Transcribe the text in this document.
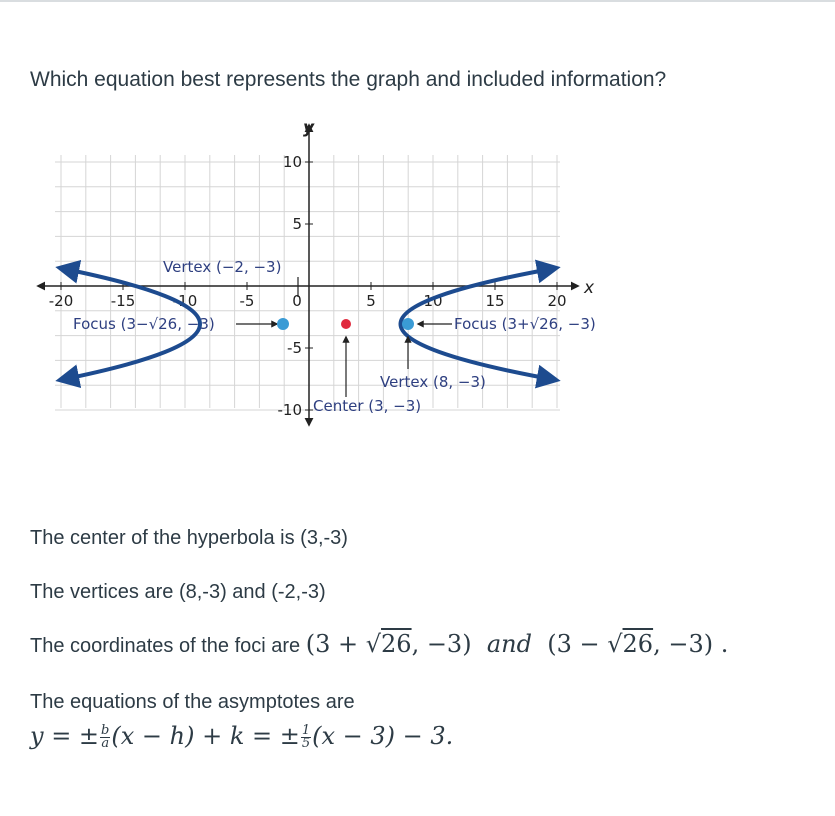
Which equation best represents the graph and included information?
-20	-15	-10	-5	0	5	10	15	20
10
5
-5
-10
x
y
Vertex (−2, −3)
Focus (3−√26, −3)	Focus (3+√26, −3)
Vertex (8, −3)
Center (3, −3)
The center of the hyperbola is (3,-3)
The vertices are (8,-3) and (-2,-3)
The coordinates of the foci are (3 + √26, −3) and (3 − √26, −3) .
The equations of the asymptotes are
y = ± $\frac{b}{a} (x - h) + k$ = ± $\frac{1}{5} (x - 3) - 3$.
